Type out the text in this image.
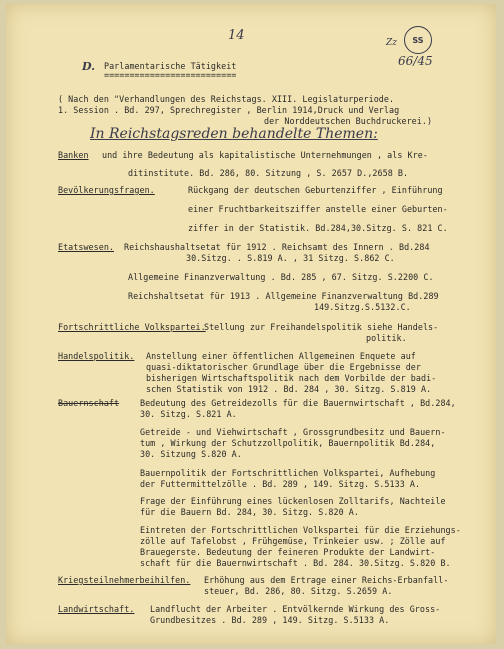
14	Zz SS
66/45
D. Parlamentarische Tätigkeit
==========================
( Nach den "Verhandlungen des Reichstags. XIII. Legislaturperiode.
1. Session . Bd. 297, Sprechregister , Berlin 1914,Druck und Verlag
der Norddeutschen Buchdruckerei.)
In Reichstagsreden behandelte Themen:
Banken und ihre Bedeutung als kapitalistische Unternehmungen , als Kre-
ditinstitute. Bd. 286, 80. Sitzung , S. 2657 D.,2658 B.
Bevölkerungsfragen.	Rückgang der deutschen Geburtenziffer , Einführung
einer Fruchtbarkeitsziffer anstelle einer Geburten-
ziffer in der Statistik. Bd.284,30.Sitzg. S. 821 C.
Etatswesen. Reichshaushaltsetat für 1912 . Reichsamt des Innern . Bd.284
30.Sitzg. . S.819 A. , 31 Sitzg. S.862 C.
Allgemeine Finanzverwaltung . Bd. 285 , 67. Sitzg. S.2200 C.
Reichshaltsetat für 1913 . Allgemeine Finanzverwaltung Bd.289
149.Sitzg.S.5132.C.
Fortschrittliche Volkspartei.
Stellung zur Freihandelspolitik siehe Handels-
politik.
Handelspolitik. Anstellung einer öffentlichen Allgemeinen Enquete auf
quasi-diktatorischer Grundlage über die Ergebnisse der
bisherigen Wirtschaftspolitik nach dem Vorbilde der badi-
schen Statistik von 1912 . Bd. 284 , 30. Sitzg. S.819 A.
Bauernschaft Bedeutung des Getreidezolls für die Bauernwirtschaft , Bd.284,
30. Sitzg. S.821 A.
Getreide - und Viehwirtschaft , Grossgrundbesitz und Bauern-
tum , Wirkung der Schutzzollpolitik, Bauernpolitik Bd.284,
30. Sitzung S.820 A.
Bauernpolitik der Fortschrittlichen Volkspartei, Aufhebung
der Futtermittelzölle . Bd. 289 , 149. Sitzg. S.5133 A.
Frage der Einführung eines lückenlosen Zolltarifs, Nachteile
für die Bauern Bd. 284, 30. Sitzg. S.820 A.
Eintreten der Fortschrittlichen Volkspartei für die Erziehungs-
zölle auf Tafelobst , Frühgemüse, Trinkeier usw. ; Zölle auf
Brauegerste. Bedeutung der feineren Produkte der Landwirt-
schaft für die Bauernwirtschaft . Bd. 284. 30.Sitzg. S.820 B.
Kriegsteilnehmerbeihilfen. Erhöhung aus dem Ertrage einer Reichs-Erbanfall-
steuer, Bd. 286, 80. Sitzg. S.2659 A.
Landwirtschaft. Landflucht der Arbeiter . Entvölkernde Wirkung des Gross-
Grundbesitzes . Bd. 289 , 149. Sitzg. S.5133 A.
